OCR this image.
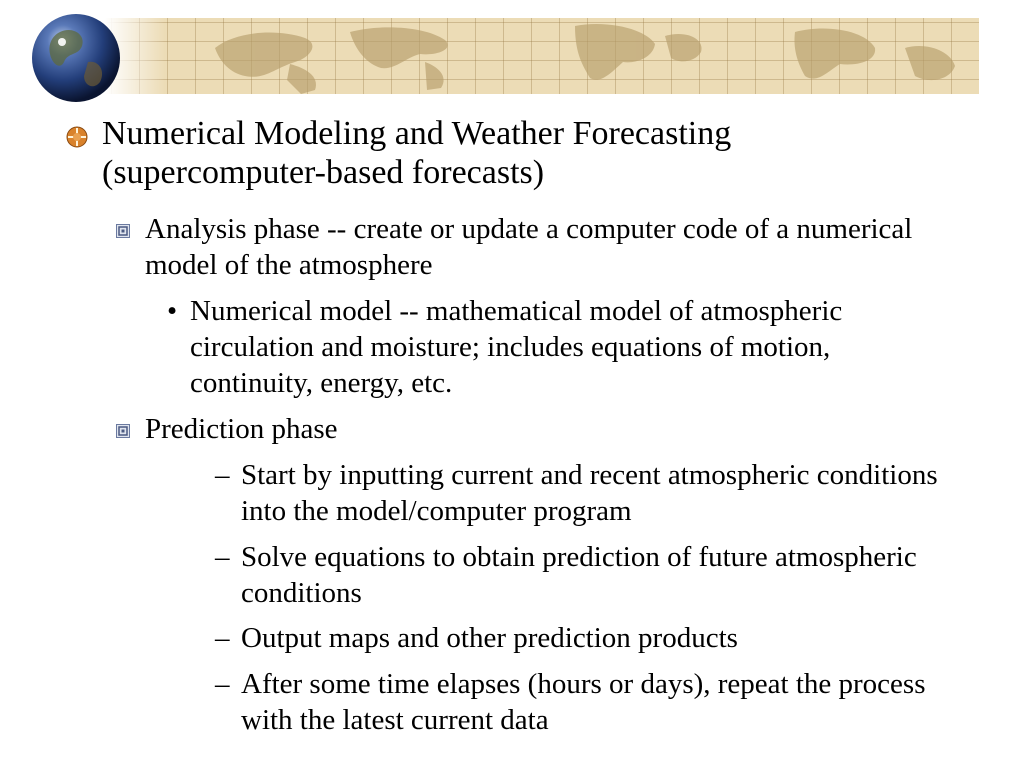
Numerical Modeling and Weather Forecasting (supercomputer-based forecasts)
Analysis phase -- create or update a computer code of a numerical model of the atmosphere
• Numerical model -- mathematical model of atmospheric circulation and moisture; includes equations of motion, continuity, energy, etc.
Prediction phase
– Start by inputting current and recent atmospheric conditions into the model/computer program
– Solve equations to obtain prediction of future atmospheric conditions
– Output maps and other prediction products
– After some time elapses (hours or days), repeat the process with the latest current data
